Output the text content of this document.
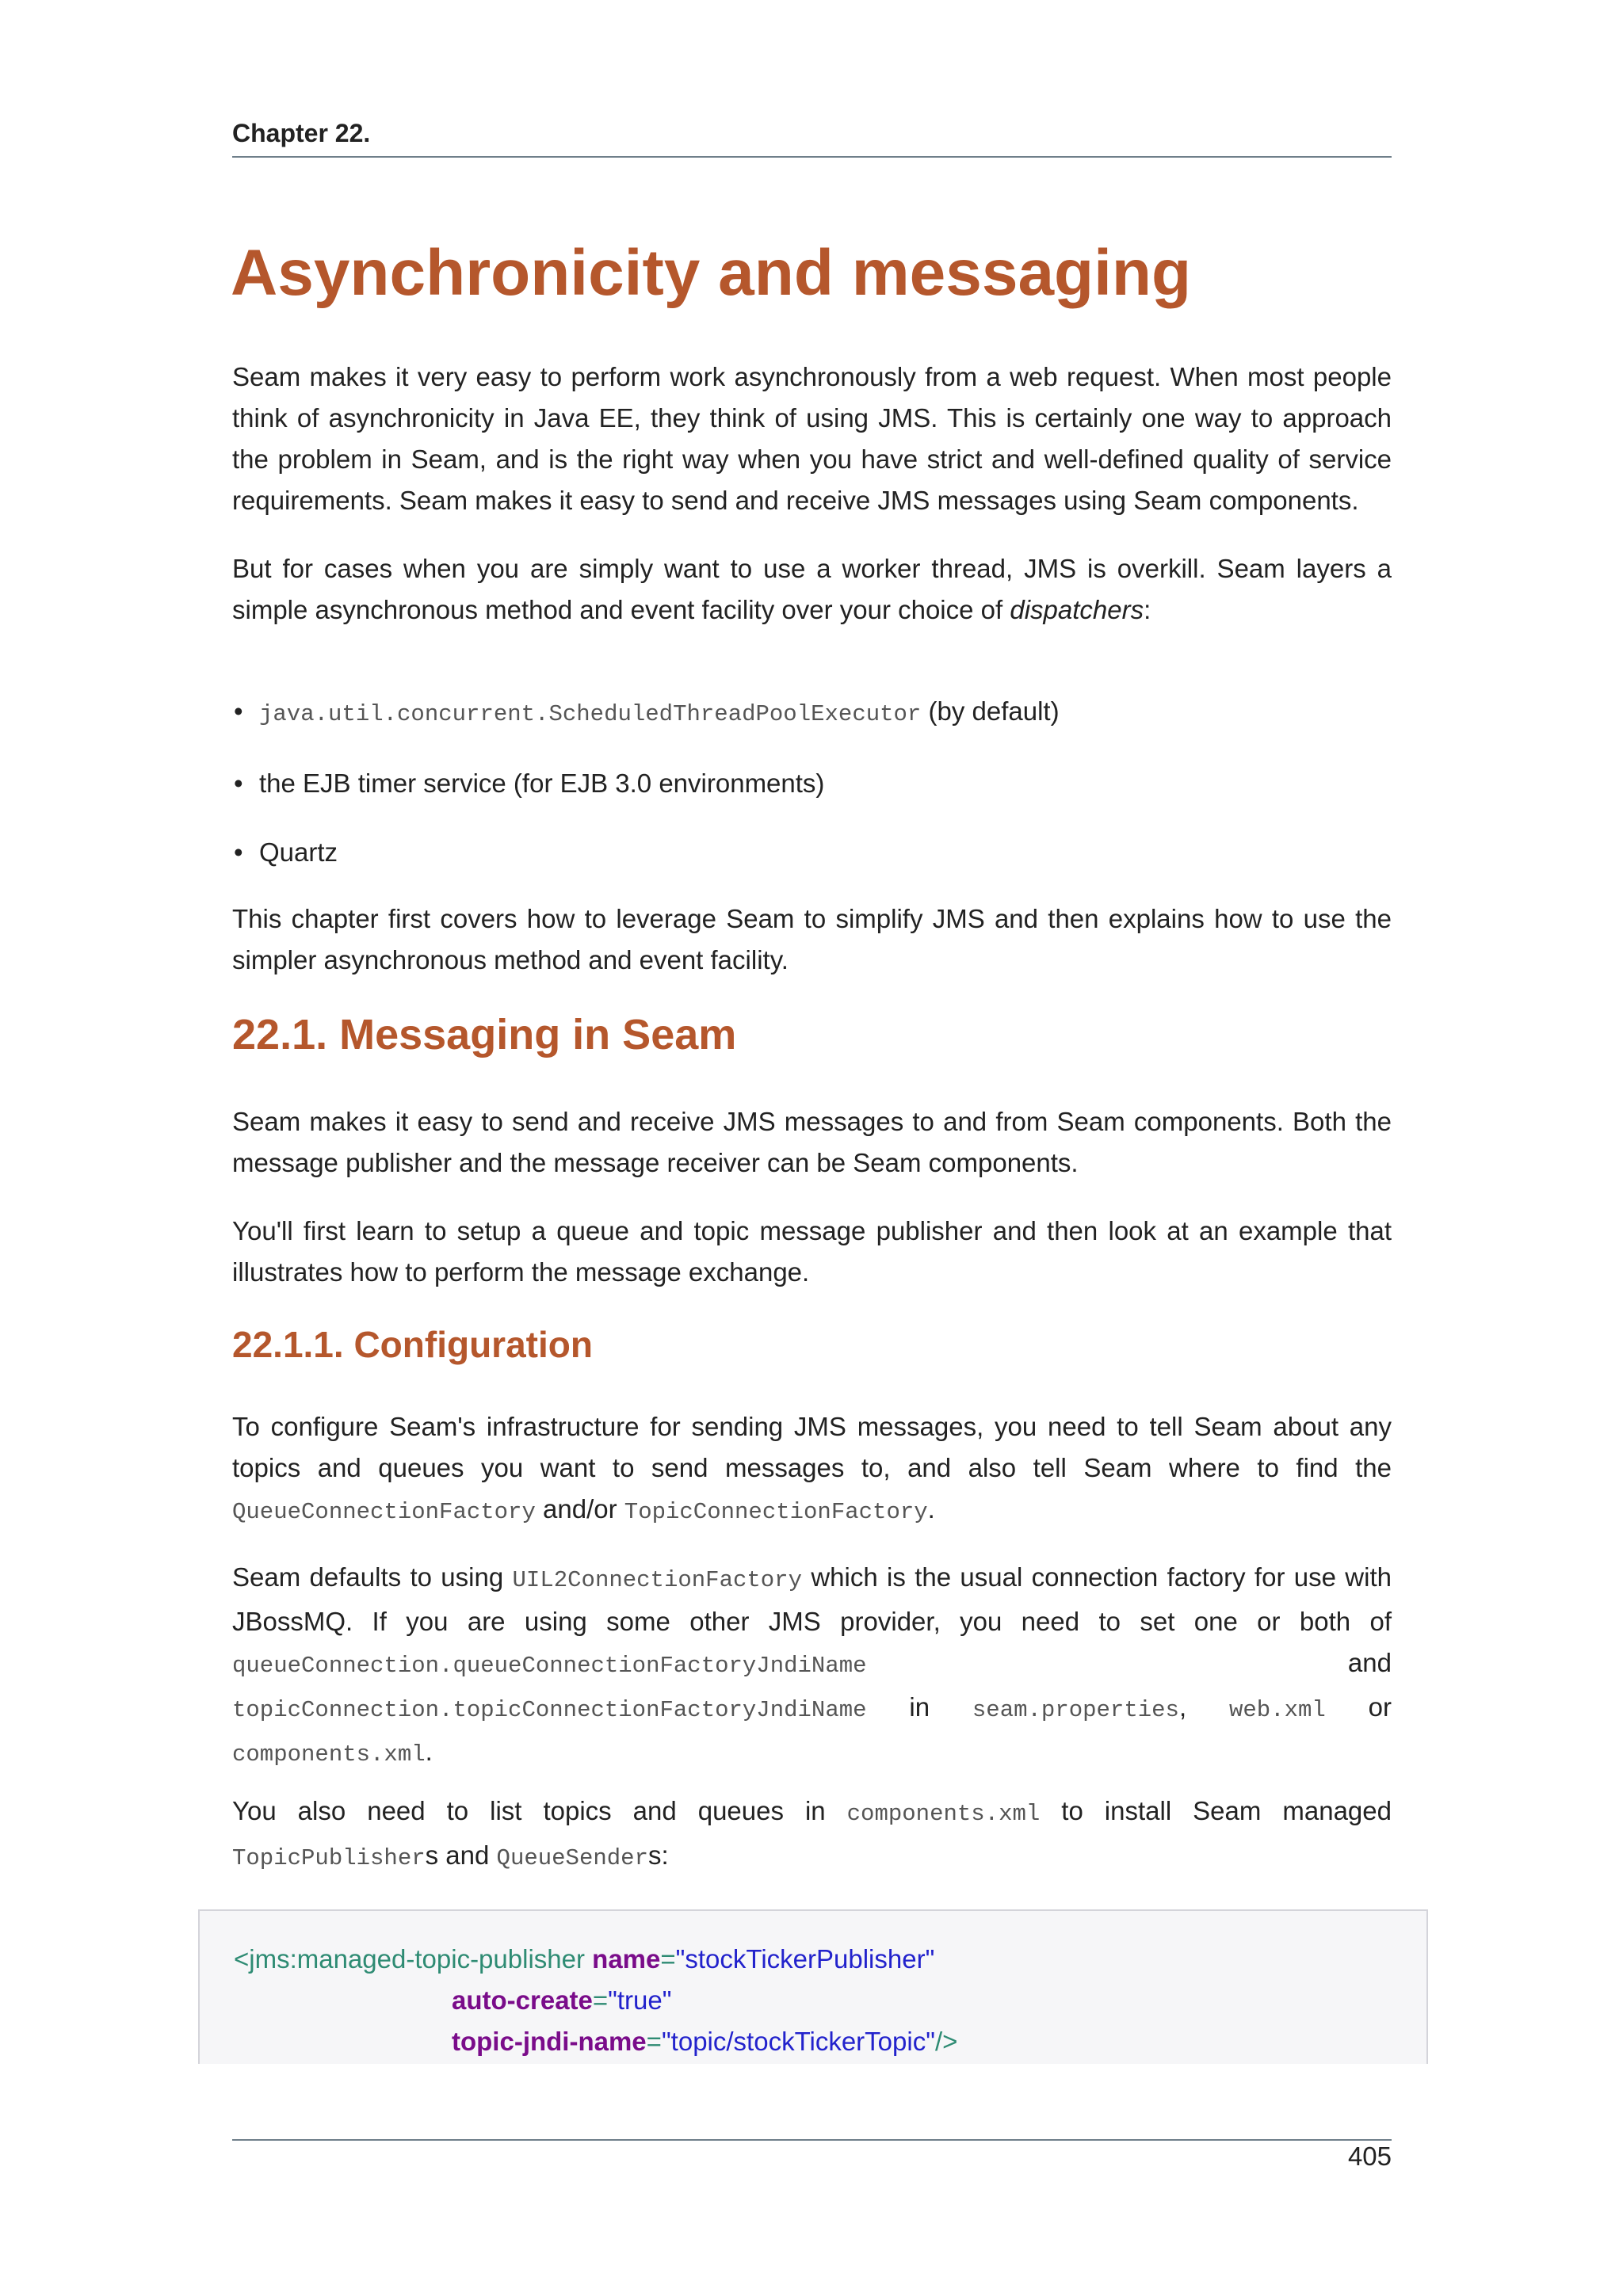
Chapter 22.
Asynchronicity and messaging

Seam makes it very easy to perform work asynchronously from a web request. When most people think of asynchronicity in Java EE, they think of using JMS. This is certainly one way to approach the problem in Seam, and is the right way when you have strict and well-defined quality of service requirements. Seam makes it easy to send and receive JMS messages using Seam components.

But for cases when you are simply want to use a worker thread, JMS is overkill. Seam layers a simple asynchronous method and event facility over your choice of dispatchers:

• java.util.concurrent.ScheduledThreadPoolExecutor (by default)
• the EJB timer service (for EJB 3.0 environments)
• Quartz

This chapter first covers how to leverage Seam to simplify JMS and then explains how to use the simpler asynchronous method and event facility.

22.1. Messaging in Seam

Seam makes it easy to send and receive JMS messages to and from Seam components. Both the message publisher and the message receiver can be Seam components.

You'll first learn to setup a queue and topic message publisher and then look at an example that illustrates how to perform the message exchange.

22.1.1. Configuration

To configure Seam's infrastructure for sending JMS messages, you need to tell Seam about any topics and queues you want to send messages to, and also tell Seam where to find the QueueConnectionFactory and/or TopicConnectionFactory.

Seam defaults to using UIL2ConnectionFactory which is the usual connection factory for use with JBossMQ. If you are using some other JMS provider, you need to set one or both of queueConnection.queueConnectionFactoryJndiName and topicConnection.topicConnectionFactoryJndiName in seam.properties, web.xml or components.xml.

You also need to list topics and queues in components.xml to install Seam managed TopicPublishers and QueueSenders:

<jms:managed-topic-publisher name="stockTickerPublisher"
auto-create="true"
topic-jndi-name="topic/stockTickerTopic"/>
405
